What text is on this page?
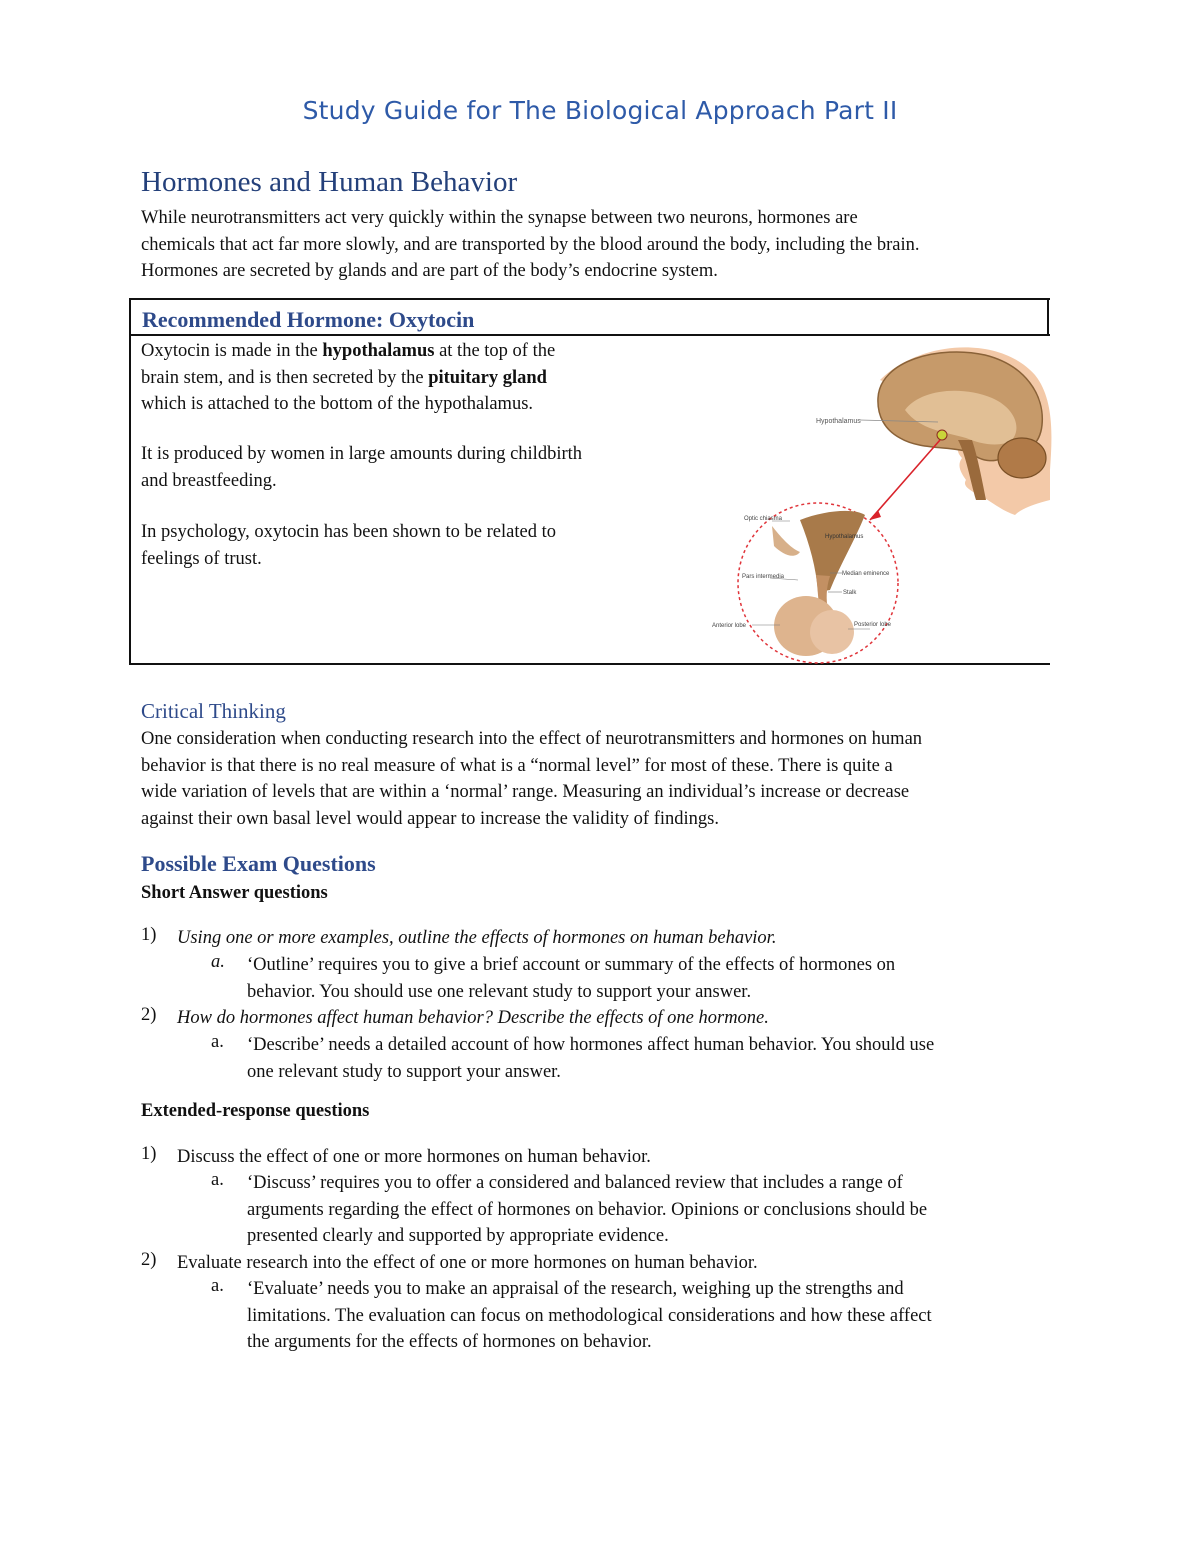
Study Guide for The Biological Approach Part II
Hormones and Human Behavior
While neurotransmitters act very quickly within the synapse between two neurons, hormones are
chemicals that act far more slowly, and are transported by the blood around the body, including the brain.
Hormones are secreted by glands and are part of the body’s endocrine system.
Recommended Hormone: Oxytocin

Oxytocin is made in the hypothalamus at the top of the
brain stem, and is then secreted by the pituitary gland
which is attached to the bottom of the hypothalamus.

It is produced by women in large amounts during childbirth
and breastfeeding.

In psychology, oxytocin has been shown to be related to
feelings of trust.

Hypothalamus
Optic chiasma
Hypothalamus
Median eminence
Stalk
Pars intermedia
Anterior lobe	Posterior lobe
Critical Thinking
One consideration when conducting research into the effect of neurotransmitters and hormones on human
behavior is that there is no real measure of what is a “normal level” for most of these. There is quite a
wide variation of levels that are within a ‘normal’ range. Measuring an individual’s increase or decrease
against their own basal level would appear to increase the validity of findings.
Possible Exam Questions
Short Answer questions
1) Using one or more examples, outline the effects of hormones on human behavior.

a. ‘Outline’ requires you to give a brief account or summary of the effects of hormones on
behavior. You should use one relevant study to support your answer.

2) How do hormones affect human behavior? Describe the effects of one hormone.

a. ‘Describe’ needs a detailed account of how hormones affect human behavior. You should use
one relevant study to support your answer.

Extended-response questions
1) Discuss the effect of one or more hormones on human behavior.

a. ‘Discuss’ requires you to offer a considered and balanced review that includes a range of
arguments regarding the effect of hormones on behavior. Opinions or conclusions should be
presented clearly and supported by appropriate evidence.

2) Evaluate research into the effect of one or more hormones on human behavior.

a. ‘Evaluate’ needs you to make an appraisal of the research, weighing up the strengths and
limitations. The evaluation can focus on methodological considerations and how these affect
the arguments for the effects of hormones on behavior.
